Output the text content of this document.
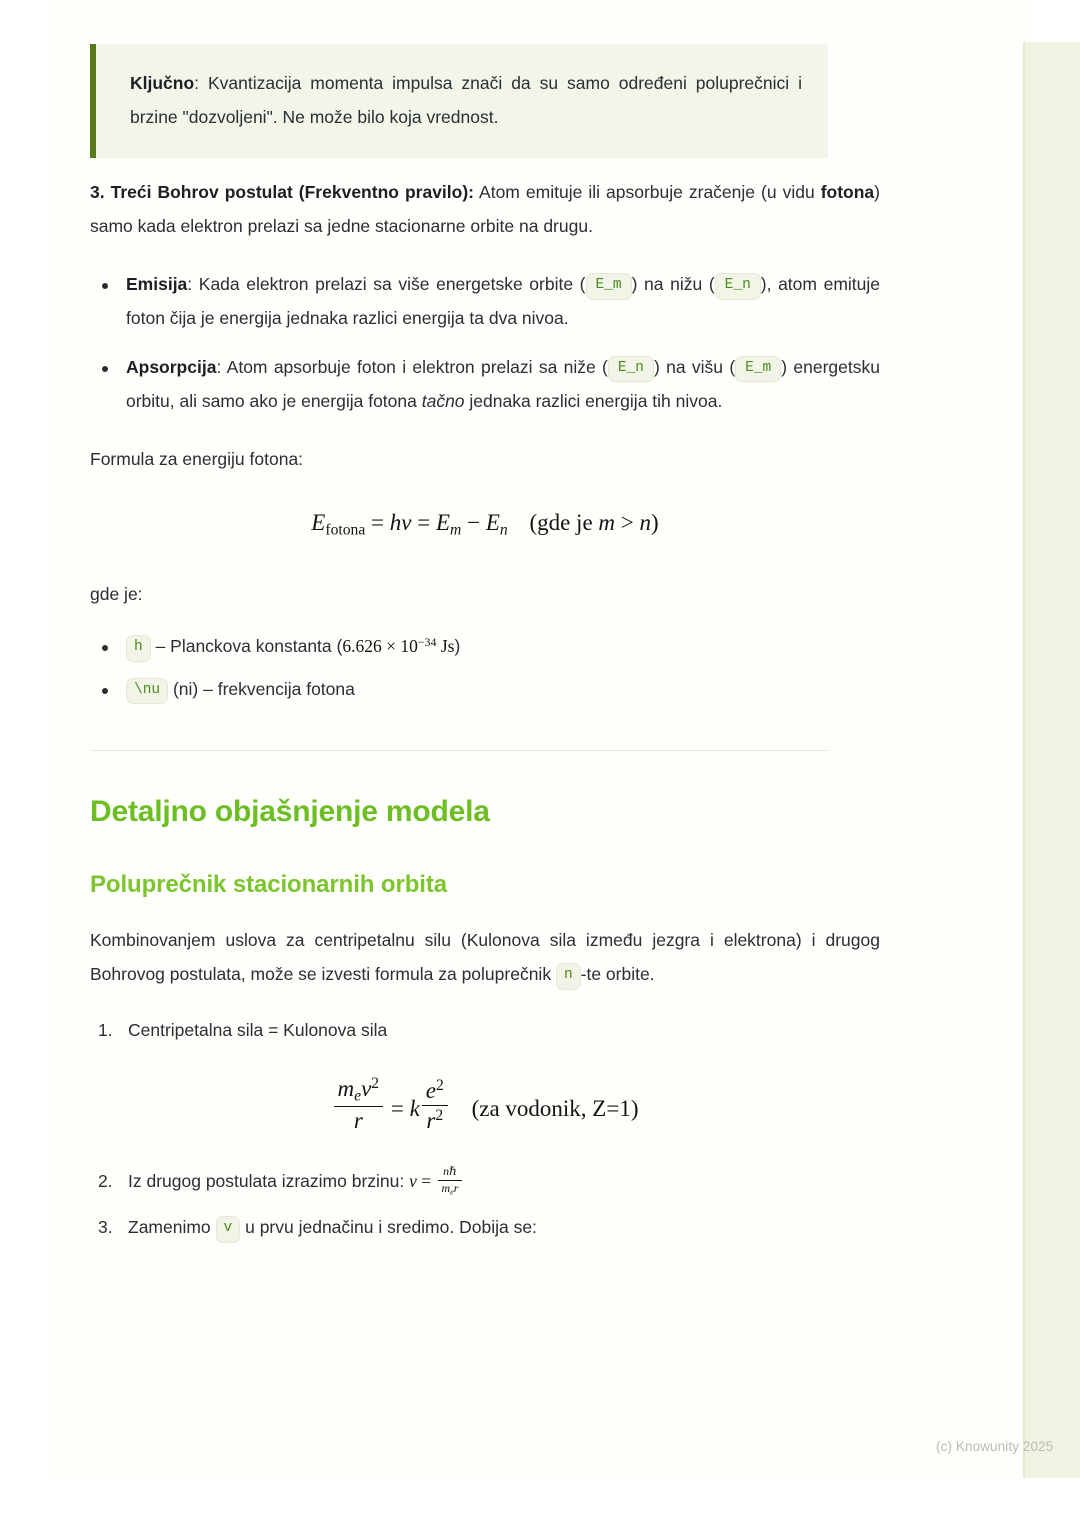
Ključno: Kvantizacija momenta impulsa znači da su samo određeni poluprečnici i brzine "dozvoljeni". Ne može bilo koja vrednost.

3. Treći Bohrov postulat (Frekventno pravilo): Atom emituje ili apsorbuje zračenje (u vidu fotona) samo kada elektron prelazi sa jedne stacionarne orbite na drugu.

Emisija: Kada elektron prelazi sa više energetske orbite ( E_m ) na nižu ( E_n ), atom emituje foton čija je energija jednaka razlici energija ta dva nivoa.

Apsorpcija: Atom apsorbuje foton i elektron prelazi sa niže ( E_n ) na višu ( E_m ) energetsku orbitu, ali samo ako je energija fotona tačno jednaka razlici energija tih nivoa.

Formula za energiju fotona:

$E_{fotona}$ = hv = $E_m - E_n$ (gde je m > n)

gde je:

h – Planckova konstanta ($6.626 \times 10^{-34}$ Js)

\nu (ni) – frekvencija fotona

Detaljno objašnjenje modela
Poluprečnik stacionarnih orbita

Kombinovanjem uslova za centripetalnu silu (Kulonova sila između jezgra i elektrona) i drugog Bohrovog postulata, može se izvesti formula za poluprečnik n -te orbite.

1. Centripetalna sila = Kulonova sila

$\frac{m_ev^2}{r} = k \frac{e^2}{r^2} (za$ vodonik, Z=1)
2. Iz drugog postulata izrazimo brzinu: $v = \frac{\text{nℏ}}{m_er}$

3. Zamenimo v u prvu jednačinu i sredimo. Dobija se:

(c) Knowunity 2025
